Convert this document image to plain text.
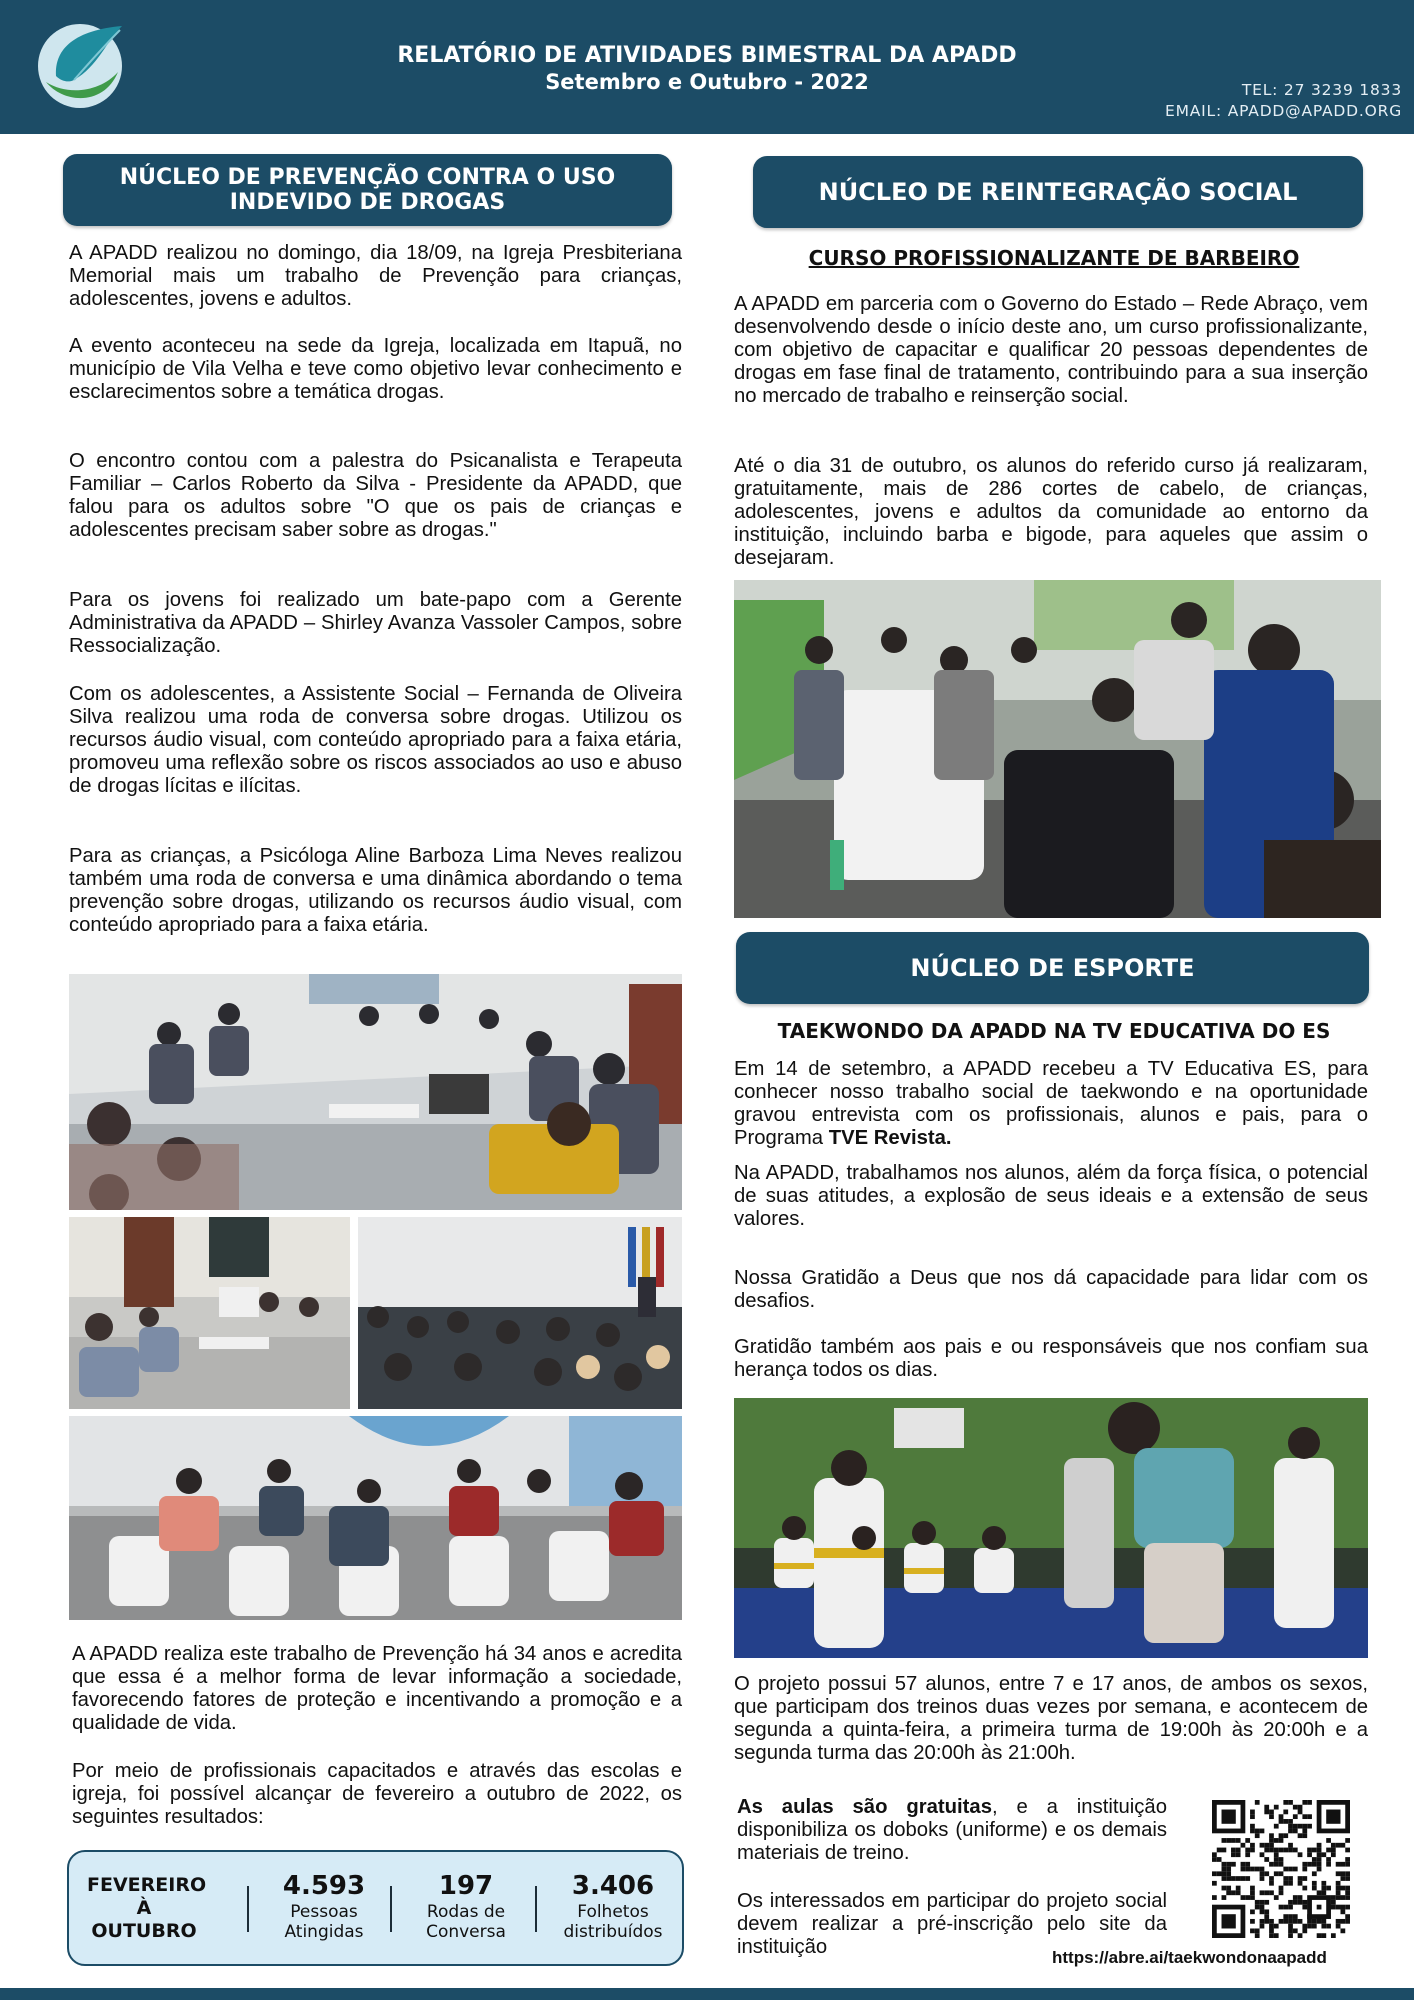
RELATÓRIO DE ATIVIDADES BIMESTRAL DA APADD
Setembro e Outubro - 2022	TEL: 27 3239 1833
EMAIL: APADD@APADD.ORG
NÚCLEO DE PREVENÇÃO CONTRA O USO
INDEVIDO DE DROGAS
A APADD realizou no domingo, dia 18/09, na Igreja Presbiteriana Memorial mais um trabalho de Prevenção para crianças, adolescentes, jovens e adultos.
A evento aconteceu na sede da Igreja, localizada em Itapuã, no município de Vila Velha e teve como objetivo levar conhecimento e esclarecimentos sobre a temática drogas.
O encontro contou com a palestra do Psicanalista e Terapeuta Familiar – Carlos Roberto da Silva - Presidente da APADD, que falou para os adultos sobre "O que os pais de crianças e adolescentes precisam saber sobre as drogas."
Para os jovens foi realizado um bate-papo com a Gerente Administrativa da APADD – Shirley Avanza Vassoler Campos, sobre Ressocialização.
Com os adolescentes, a Assistente Social – Fernanda de Oliveira Silva realizou uma roda de conversa sobre drogas. Utilizou os recursos áudio visual, com conteúdo apropriado para a faixa etária, promoveu uma reflexão sobre os riscos associados ao uso e abuso de drogas lícitas e ilícitas.
Para as crianças, a Psicóloga Aline Barboza Lima Neves realizou também uma roda de conversa e uma dinâmica abordando o tema prevenção sobre drogas, utilizando os recursos áudio visual, com conteúdo apropriado para a faixa etária.
A APADD realiza este trabalho de Prevenção há 34 anos e acredita que essa é a melhor forma de levar informação a sociedade, favorecendo fatores de proteção e incentivando a promoção e a qualidade de vida.
Por meio de profissionais capacitados e através das escolas e igreja, foi possível alcançar de fevereiro a outubro de 2022, os seguintes resultados:
FEVEREIRO
À
OUTUBRO
4.593
Pessoas
Atingidas
197
Rodas de
Conversa
3.406
Folhetos
distribuídos
NÚCLEO DE REINTEGRAÇÃO SOCIAL
CURSO PROFISSIONALIZANTE DE BARBEIRO
A APADD em parceria com o Governo do Estado – Rede Abraço, vem desenvolvendo desde o início deste ano, um curso profissionalizante, com objetivo de capacitar e qualificar 20 pessoas dependentes de drogas em fase final de tratamento, contribuindo para a sua inserção no mercado de trabalho e reinserção social.
Até o dia 31 de outubro, os alunos do referido curso já realizaram, gratuitamente, mais de 286 cortes de cabelo, de crianças, adolescentes, jovens e adultos da comunidade ao entorno da instituição, incluindo barba e bigode, para aqueles que assim o desejaram.
NÚCLEO DE ESPORTE
TAEKWONDO DA APADD NA TV EDUCATIVA DO ES
Em 14 de setembro, a APADD recebeu a TV Educativa ES, para conhecer nosso trabalho social de taekwondo e na oportunidade gravou entrevista com os profissionais, alunos e pais, para o Programa TVE Revista.
Na APADD, trabalhamos nos alunos, além da força física, o potencial de suas atitudes, a explosão de seus ideais e a extensão de seus valores.
Nossa Gratidão a Deus que nos dá capacidade para lidar com os desafios.
Gratidão também aos pais e ou responsáveis que nos confiam sua herança todos os dias.
O projeto possui 57 alunos, entre 7 e 17 anos, de ambos os sexos, que participam dos treinos duas vezes por semana, e acontecem de segunda a quinta-feira, a primeira turma de 19:00h às 20:00h e a segunda turma das 20:00h às 21:00h.
As aulas são gratuitas, e a instituição disponibiliza os doboks (uniforme) e os demais materiais de treino.
Os interessados em participar do projeto social devem realizar a pré-inscrição pelo site da instituição	https://abre.ai/taekwondonaapadd
